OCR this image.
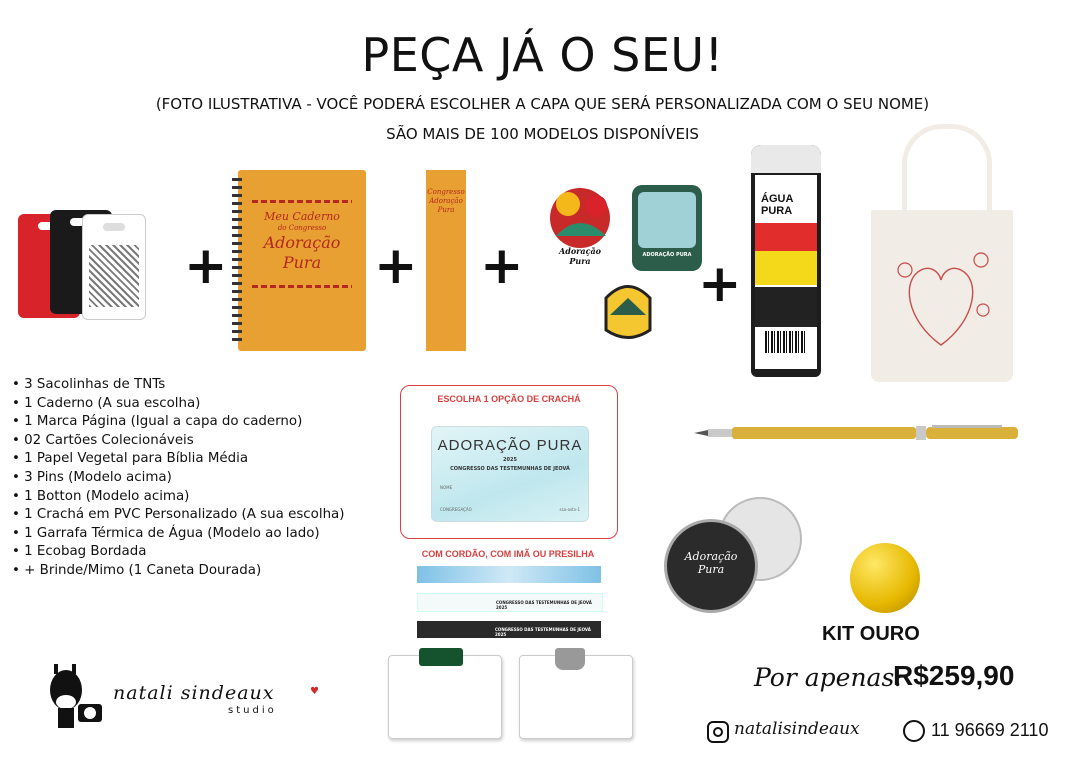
PEÇA JÁ O SEU!
(FOTO ILUSTRATIVA - VOCÊ PODERÁ ESCOLHER A CAPA QUE SERÁ PERSONALIZADA COM O SEU NOME)
SÃO MAIS DE 100 MODELOS DISPONÍVEIS
+
Meu Caderno
do Congresso
Adoração
Pura	+
Congresso
Adoração
Pura
+	Adoração Pura
ADORAÇÃO PURA +
ÁGUA PURA
• 3 Sacolinhas de TNTs
• 1 Caderno (A sua escolha)
• 1 Marca Página (Igual a capa do caderno)
• 02 Cartões Colecionáveis
• 1 Papel Vegetal para Bíblia Média
• 3 Pins (Modelo acima)
• 1 Botton (Modelo acima)
• 1 Crachá em PVC Personalizado (A sua escolha)
• 1 Garrafa Térmica de Água (Modelo ao lado)
• 1 Ecobag Bordada
• + Brinde/Mimo (1 Caneta Dourada)
ESCOLHA 1 OPÇÃO DE CRACHÁ
ADORAÇÃO PURA
2025
CONGRESSO DAS TESTEMUNHAS DE JEOVÁ
NOME
CONGREGAÇÃO	ssa-ostv-1
COM CORDÃO, COM IMÃ OU PRESILHA
CONGRESSO DAS TESTEMUNHAS DE JEOVÁ 2025
CONGRESSO DAS TESTEMUNHAS DE JEOVÁ 2025
Adoração
Pura
KIT OURO
Por apenas:
R$259,90
natali sindeaux
studio
♥
natalisindeaux	11 96669 2110
